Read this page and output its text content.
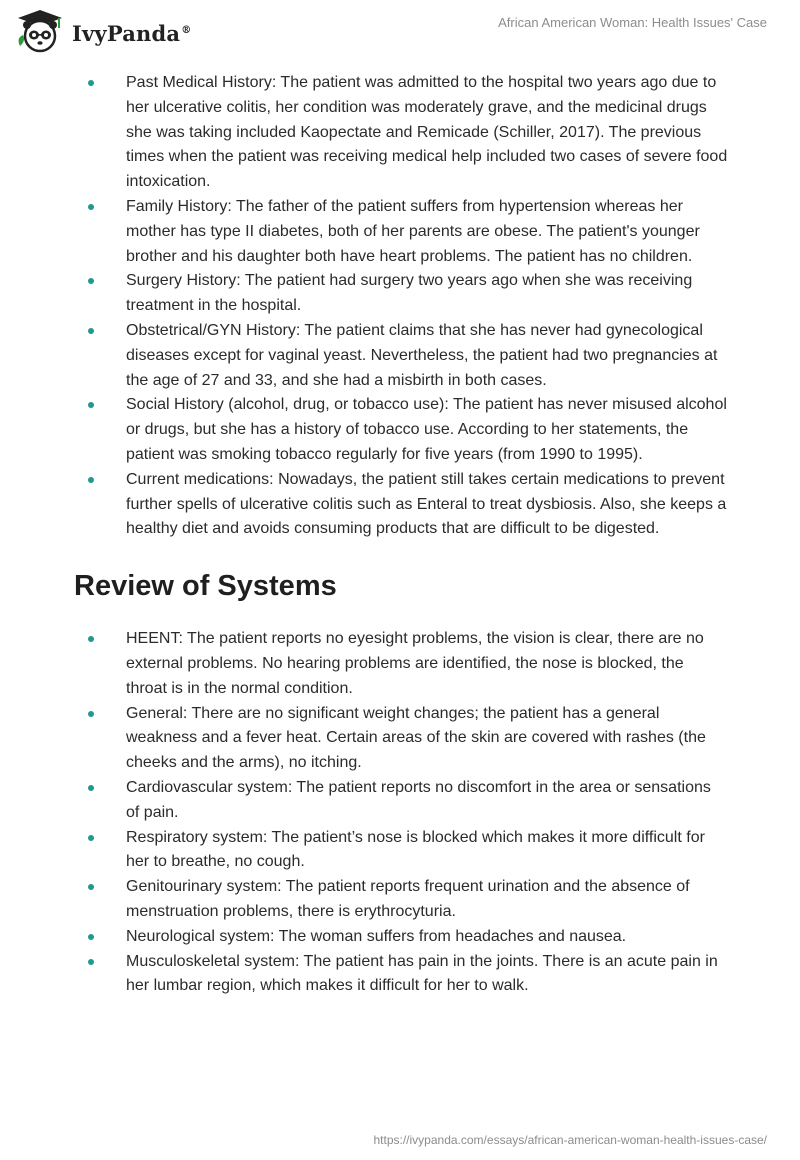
IvyPanda®	African American Woman: Health Issues' Case
Past Medical History: The patient was admitted to the hospital two years ago due to her ulcerative colitis, her condition was moderately grave, and the medicinal drugs she was taking included Kaopectate and Remicade (Schiller, 2017). The previous times when the patient was receiving medical help included two cases of severe food intoxication.
Family History: The father of the patient suffers from hypertension whereas her mother has type II diabetes, both of her parents are obese. The patient's younger brother and his daughter both have heart problems. The patient has no children.
Surgery History: The patient had surgery two years ago when she was receiving treatment in the hospital.
Obstetrical/GYN History: The patient claims that she has never had gynecological diseases except for vaginal yeast. Nevertheless, the patient had two pregnancies at the age of 27 and 33, and she had a misbirth in both cases.
Social History (alcohol, drug, or tobacco use): The patient has never misused alcohol or drugs, but she has a history of tobacco use. According to her statements, the patient was smoking tobacco regularly for five years (from 1990 to 1995).
Current medications: Nowadays, the patient still takes certain medications to prevent further spells of ulcerative colitis such as Enteral to treat dysbiosis. Also, she keeps a healthy diet and avoids consuming products that are difficult to be digested.
Review of Systems
HEENT: The patient reports no eyesight problems, the vision is clear, there are no external problems. No hearing problems are identified, the nose is blocked, the throat is in the normal condition.
General: There are no significant weight changes; the patient has a general weakness and a fever heat. Certain areas of the skin are covered with rashes (the cheeks and the arms), no itching.
Cardiovascular system: The patient reports no discomfort in the area or sensations of pain.
Respiratory system: The patient’s nose is blocked which makes it more difficult for her to breathe, no cough.
Genitourinary system: The patient reports frequent urination and the absence of menstruation problems, there is erythrocyturia.
Neurological system: The woman suffers from headaches and nausea.
Musculoskeletal system: The patient has pain in the joints. There is an acute pain in her lumbar region, which makes it difficult for her to walk.
https://ivypanda.com/essays/african-american-woman-health-issues-case/
